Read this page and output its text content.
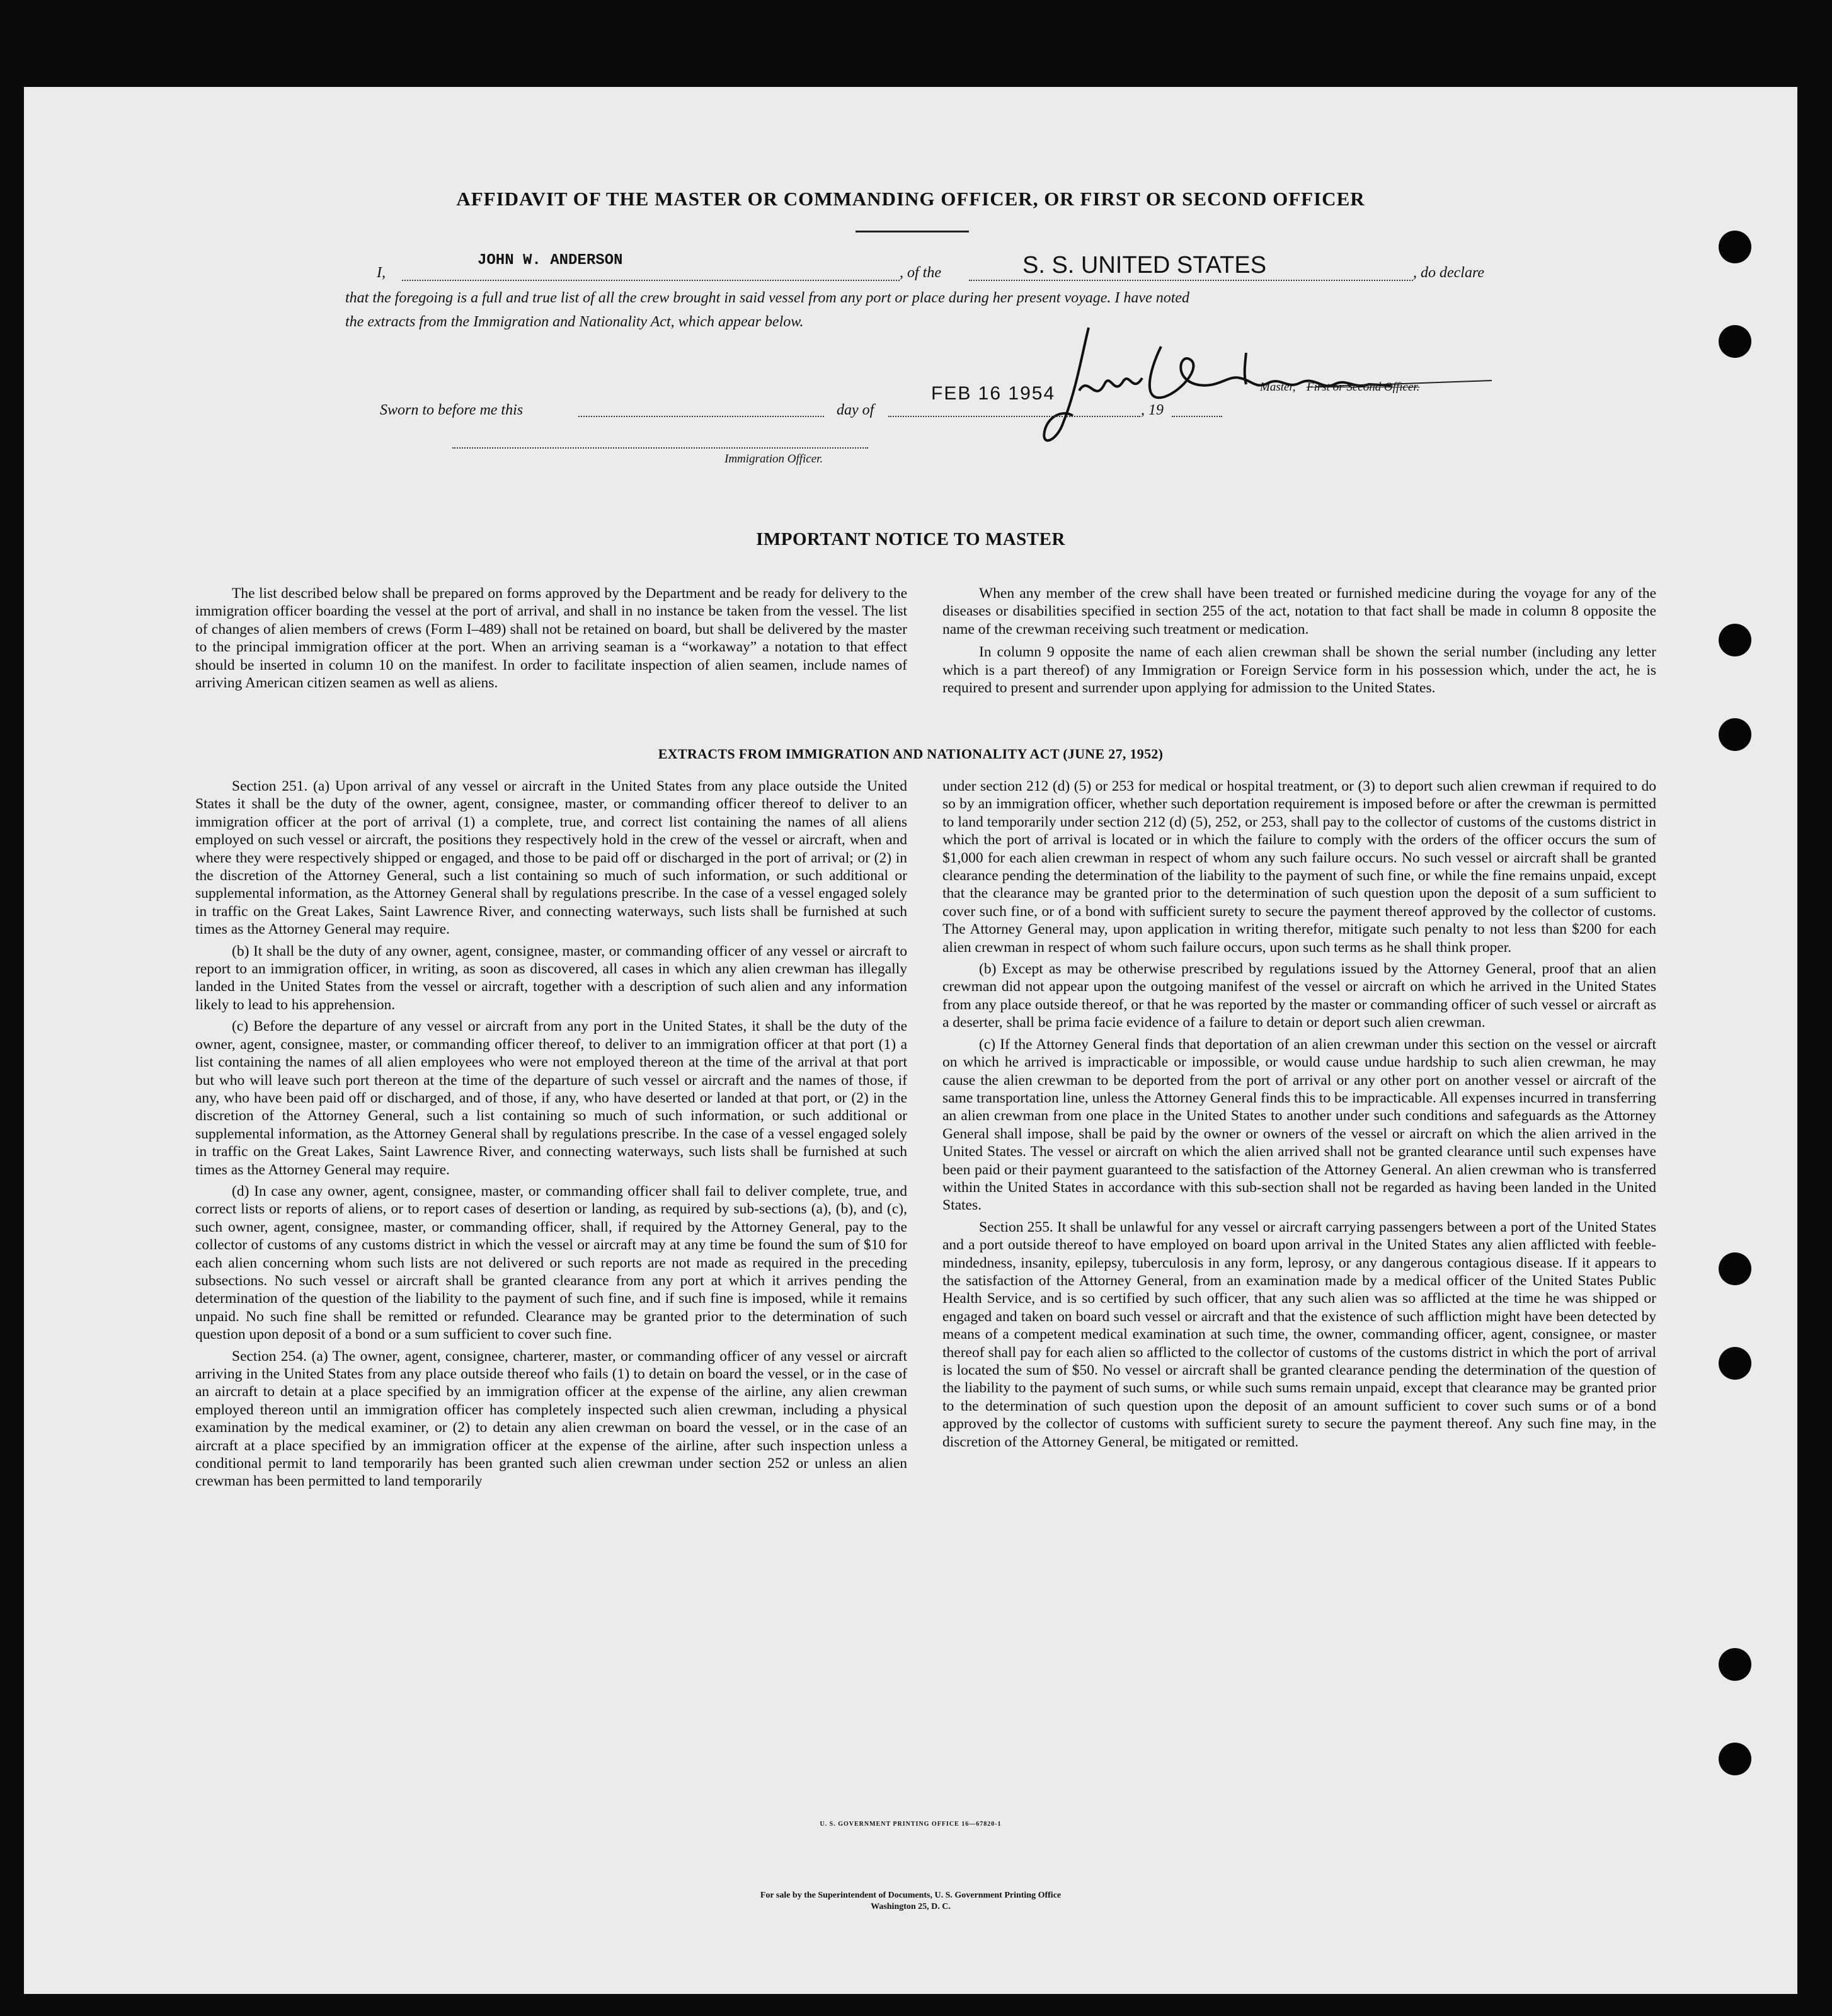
AFFIDAVIT OF THE MASTER OR COMMANDING OFFICER, OR FIRST OR SECOND OFFICER
I,
JOHN W. ANDERSON
, of the	S. S. UNITED STATES	, do declare
that the foregoing is a full and true list of all the crew brought in said vessel from any port or place during her present voyage. I have noted
the extracts from the Immigration and Nationality Act, which appear below.
Master, First or Second Officer.
Sworn to before me this	day of
FEB 16 1954
, 19
Immigration Officer.
IMPORTANT NOTICE TO MASTER

The list described below shall be prepared on forms approved by the Department and be ready for delivery to the immigration officer boarding the vessel at the port of arrival, and shall in no instance be taken from the vessel. The list of changes of alien members of crews (Form I–489) shall not be retained on board, but shall be delivered by the master to the principal immigration officer at the port. When an arriving seaman is a “workaway” a notation to that effect should be inserted in column 10 on the manifest. In order to facilitate inspection of alien seamen, include names of arriving American citizen seamen as well as aliens.

When any member of the crew shall have been treated or furnished medicine during the voyage for any of the diseases or disabilities specified in section 255 of the act, notation to that fact shall be made in column 8 opposite the name of the crewman receiving such treatment or medication.

In column 9 opposite the name of each alien crewman shall be shown the serial number (including any letter which is a part thereof) of any Immigration or Foreign Service form in his possession which, under the act, he is required to present and surrender upon applying for admission to the United States.

EXTRACTS FROM IMMIGRATION AND NATIONALITY ACT (JUNE 27, 1952)

Section 251. (a) Upon arrival of any vessel or aircraft in the United States from any place outside the United States it shall be the duty of the owner, agent, consignee, master, or commanding officer thereof to deliver to an immigration officer at the port of arrival (1) a complete, true, and correct list containing the names of all aliens employed on such vessel or aircraft, the positions they respectively hold in the crew of the vessel or aircraft, when and where they were respectively shipped or engaged, and those to be paid off or discharged in the port of arrival; or (2) in the discretion of the Attorney General, such a list containing so much of such information, or such additional or supplemental information, as the Attorney General shall by regulations prescribe. In the case of a vessel engaged solely in traffic on the Great Lakes, Saint Lawrence River, and connecting waterways, such lists shall be furnished at such times as the Attorney General may require.

(b) It shall be the duty of any owner, agent, consignee, master, or commanding officer of any vessel or aircraft to report to an immigration officer, in writing, as soon as discovered, all cases in which any alien crewman has illegally landed in the United States from the vessel or aircraft, together with a description of such alien and any information likely to lead to his apprehension.

(c) Before the departure of any vessel or aircraft from any port in the United States, it shall be the duty of the owner, agent, consignee, master, or commanding officer thereof, to deliver to an immigration officer at that port (1) a list containing the names of all alien employees who were not employed thereon at the time of the arrival at that port but who will leave such port thereon at the time of the departure of such vessel or aircraft and the names of those, if any, who have been paid off or discharged, and of those, if any, who have deserted or landed at that port, or (2) in the discretion of the Attorney General, such a list containing so much of such information, or such additional or supplemental information, as the Attorney General shall by regulations prescribe. In the case of a vessel engaged solely in traffic on the Great Lakes, Saint Lawrence River, and connecting waterways, such lists shall be furnished at such times as the Attorney General may require.

(d) In case any owner, agent, consignee, master, or commanding officer shall fail to deliver complete, true, and correct lists or reports of aliens, or to report cases of desertion or landing, as required by sub-sections (a), (b), and (c), such owner, agent, consignee, master, or commanding officer, shall, if required by the Attorney General, pay to the collector of customs of any customs district in which the vessel or aircraft may at any time be found the sum of $10 for each alien concerning whom such lists are not delivered or such reports are not made as required in the preceding subsections. No such vessel or aircraft shall be granted clearance from any port at which it arrives pending the determination of the question of the liability to the payment of such fine, and if such fine is imposed, while it remains unpaid. No such fine shall be remitted or refunded. Clearance may be granted prior to the determination of such question upon deposit of a bond or a sum sufficient to cover such fine.

Section 254. (a) The owner, agent, consignee, charterer, master, or commanding officer of any vessel or aircraft arriving in the United States from any place outside thereof who fails (1) to detain on board the vessel, or in the case of an aircraft to detain at a place specified by an immigration officer at the expense of the airline, any alien crewman employed thereon until an immigration officer has completely inspected such alien crewman, including a physical examination by the medical examiner, or (2) to detain any alien crewman on board the vessel, or in the case of an aircraft at a place specified by an immigration officer at the expense of the airline, after such inspection unless a conditional permit to land temporarily has been granted such alien crewman under section 252 or unless an alien crewman has been permitted to land temporarily

under section 212 (d) (5) or 253 for medical or hospital treatment, or (3) to deport such alien crewman if required to do so by an immigration officer, whether such deportation requirement is imposed before or after the crewman is permitted to land temporarily under section 212 (d) (5), 252, or 253, shall pay to the collector of customs of the customs district in which the port of arrival is located or in which the failure to comply with the orders of the officer occurs the sum of $1,000 for each alien crewman in respect of whom any such failure occurs. No such vessel or aircraft shall be granted clearance pending the determination of the liability to the payment of such fine, or while the fine remains unpaid, except that the clearance may be granted prior to the determination of such question upon the deposit of a sum sufficient to cover such fine, or of a bond with sufficient surety to secure the payment thereof approved by the collector of customs. The Attorney General may, upon application in writing therefor, mitigate such penalty to not less than $200 for each alien crewman in respect of whom such failure occurs, upon such terms as he shall think proper.

(b) Except as may be otherwise prescribed by regulations issued by the Attorney General, proof that an alien crewman did not appear upon the outgoing manifest of the vessel or aircraft on which he arrived in the United States from any place outside thereof, or that he was reported by the master or commanding officer of such vessel or aircraft as a deserter, shall be prima facie evidence of a failure to detain or deport such alien crewman.

(c) If the Attorney General finds that deportation of an alien crewman under this section on the vessel or aircraft on which he arrived is impracticable or impossible, or would cause undue hardship to such alien crewman, he may cause the alien crewman to be deported from the port of arrival or any other port on another vessel or aircraft of the same transportation line, unless the Attorney General finds this to be impracticable. All expenses incurred in transferring an alien crewman from one place in the United States to another under such conditions and safeguards as the Attorney General shall impose, shall be paid by the owner or owners of the vessel or aircraft on which the alien arrived in the United States. The vessel or aircraft on which the alien arrived shall not be granted clearance until such expenses have been paid or their payment guaranteed to the satisfaction of the Attorney General. An alien crewman who is transferred within the United States in accordance with this sub-section shall not be regarded as having been landed in the United States.

Section 255. It shall be unlawful for any vessel or aircraft carrying passengers between a port of the United States and a port outside thereof to have employed on board upon arrival in the United States any alien afflicted with feeble-mindedness, insanity, epilepsy, tuberculosis in any form, leprosy, or any dangerous contagious disease. If it appears to the satisfaction of the Attorney General, from an examination made by a medical officer of the United States Public Health Service, and is so certified by such officer, that any such alien was so afflicted at the time he was shipped or engaged and taken on board such vessel or aircraft and that the existence of such affliction might have been detected by means of a competent medical examination at such time, the owner, commanding officer, agent, consignee, or master thereof shall pay for each alien so afflicted to the collector of customs of the customs district in which the port of arrival is located the sum of $50. No vessel or aircraft shall be granted clearance pending the determination of the question of the liability to the payment of such sums, or while such sums remain unpaid, except that clearance may be granted prior to the determination of such question upon the deposit of an amount sufficient to cover such sums or of a bond approved by the collector of customs with sufficient surety to secure the payment thereof. Any such fine may, in the discretion of the Attorney General, be mitigated or remitted.

U. S. GOVERNMENT PRINTING OFFICE 16—67820-1
For sale by the Superintendent of Documents, U. S. Government Printing Office
Washington 25, D. C.
